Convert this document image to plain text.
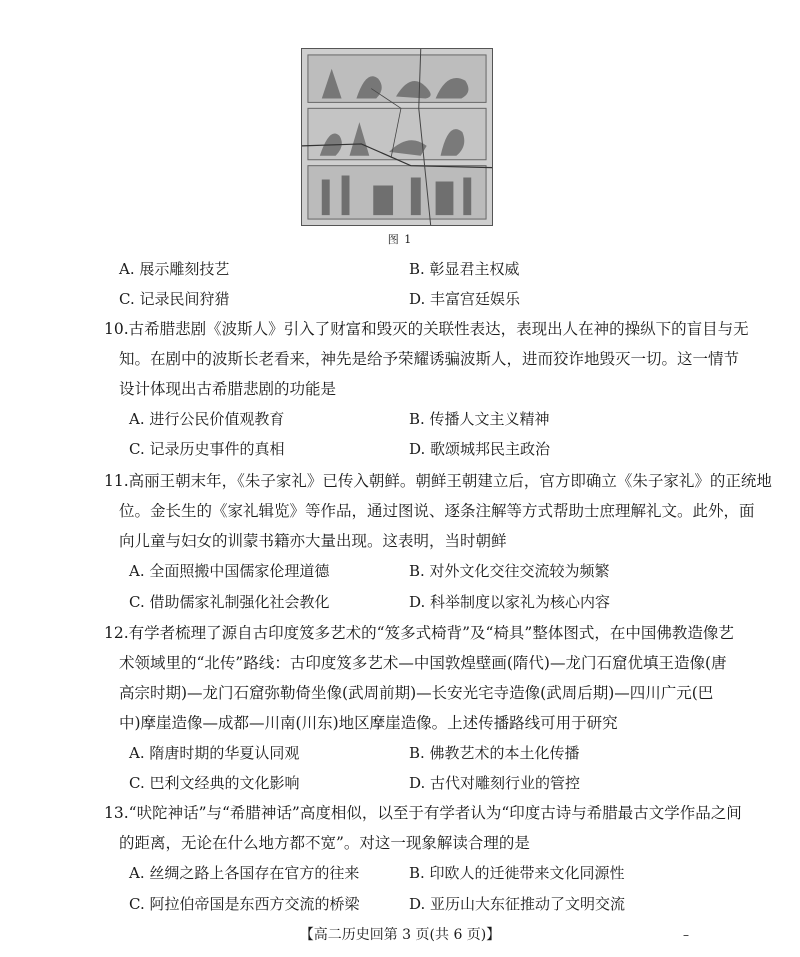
图 1
A. 展示雕刻技艺	B. 彰显君主权威
C. 记录民间狩猎	D. 丰富宫廷娱乐
10.古希腊悲剧《波斯人》引入了财富和毁灭的关联性表达，表现出人在神的操纵下的盲目与无
知。在剧中的波斯长老看来，神先是给予荣耀诱骗波斯人，进而狡诈地毁灭一切。这一情节
设计体现出古希腊悲剧的功能是
A. 进行公民价值观教育	B. 传播人文主义精神
C. 记录历史事件的真相	D. 歌颂城邦民主政治
11.高丽王朝末年，《朱子家礼》已传入朝鲜。朝鲜王朝建立后，官方即确立《朱子家礼》的正统地
位。金长生的《家礼辑览》等作品，通过图说、逐条注解等方式帮助士庶理解礼文。此外，面
向儿童与妇女的训蒙书籍亦大量出现。这表明，当时朝鲜
A. 全面照搬中国儒家伦理道德	B. 对外文化交往交流较为频繁
C. 借助儒家礼制强化社会教化	D. 科举制度以家礼为核心内容
12.有学者梳理了源自古印度笈多艺术的“笈多式椅背”及“椅具”整体图式，在中国佛教造像艺
术领域里的“北传”路线：古印度笈多艺术—中国敦煌壁画(隋代)—龙门石窟优填王造像(唐
高宗时期)—龙门石窟弥勒倚坐像(武周前期)—长安光宅寺造像(武周后期)—四川广元(巴
中)摩崖造像—成都—川南(川东)地区摩崖造像。上述传播路线可用于研究
A. 隋唐时期的华夏认同观	B. 佛教艺术的本土化传播
C. 巴利文经典的文化影响	D. 古代对雕刻行业的管控
13.“吠陀神话”与“希腊神话”高度相似，以至于有学者认为“印度古诗与希腊最古文学作品之间
的距离，无论在什么地方都不宽”。对这一现象解读合理的是
A. 丝绸之路上各国存在官方的往来	B. 印欧人的迁徙带来文化同源性
C. 阿拉伯帝国是东西方交流的桥梁	D. 亚历山大东征推动了文明交流
【高二历史回第 3 页(共 6 页)】	–
